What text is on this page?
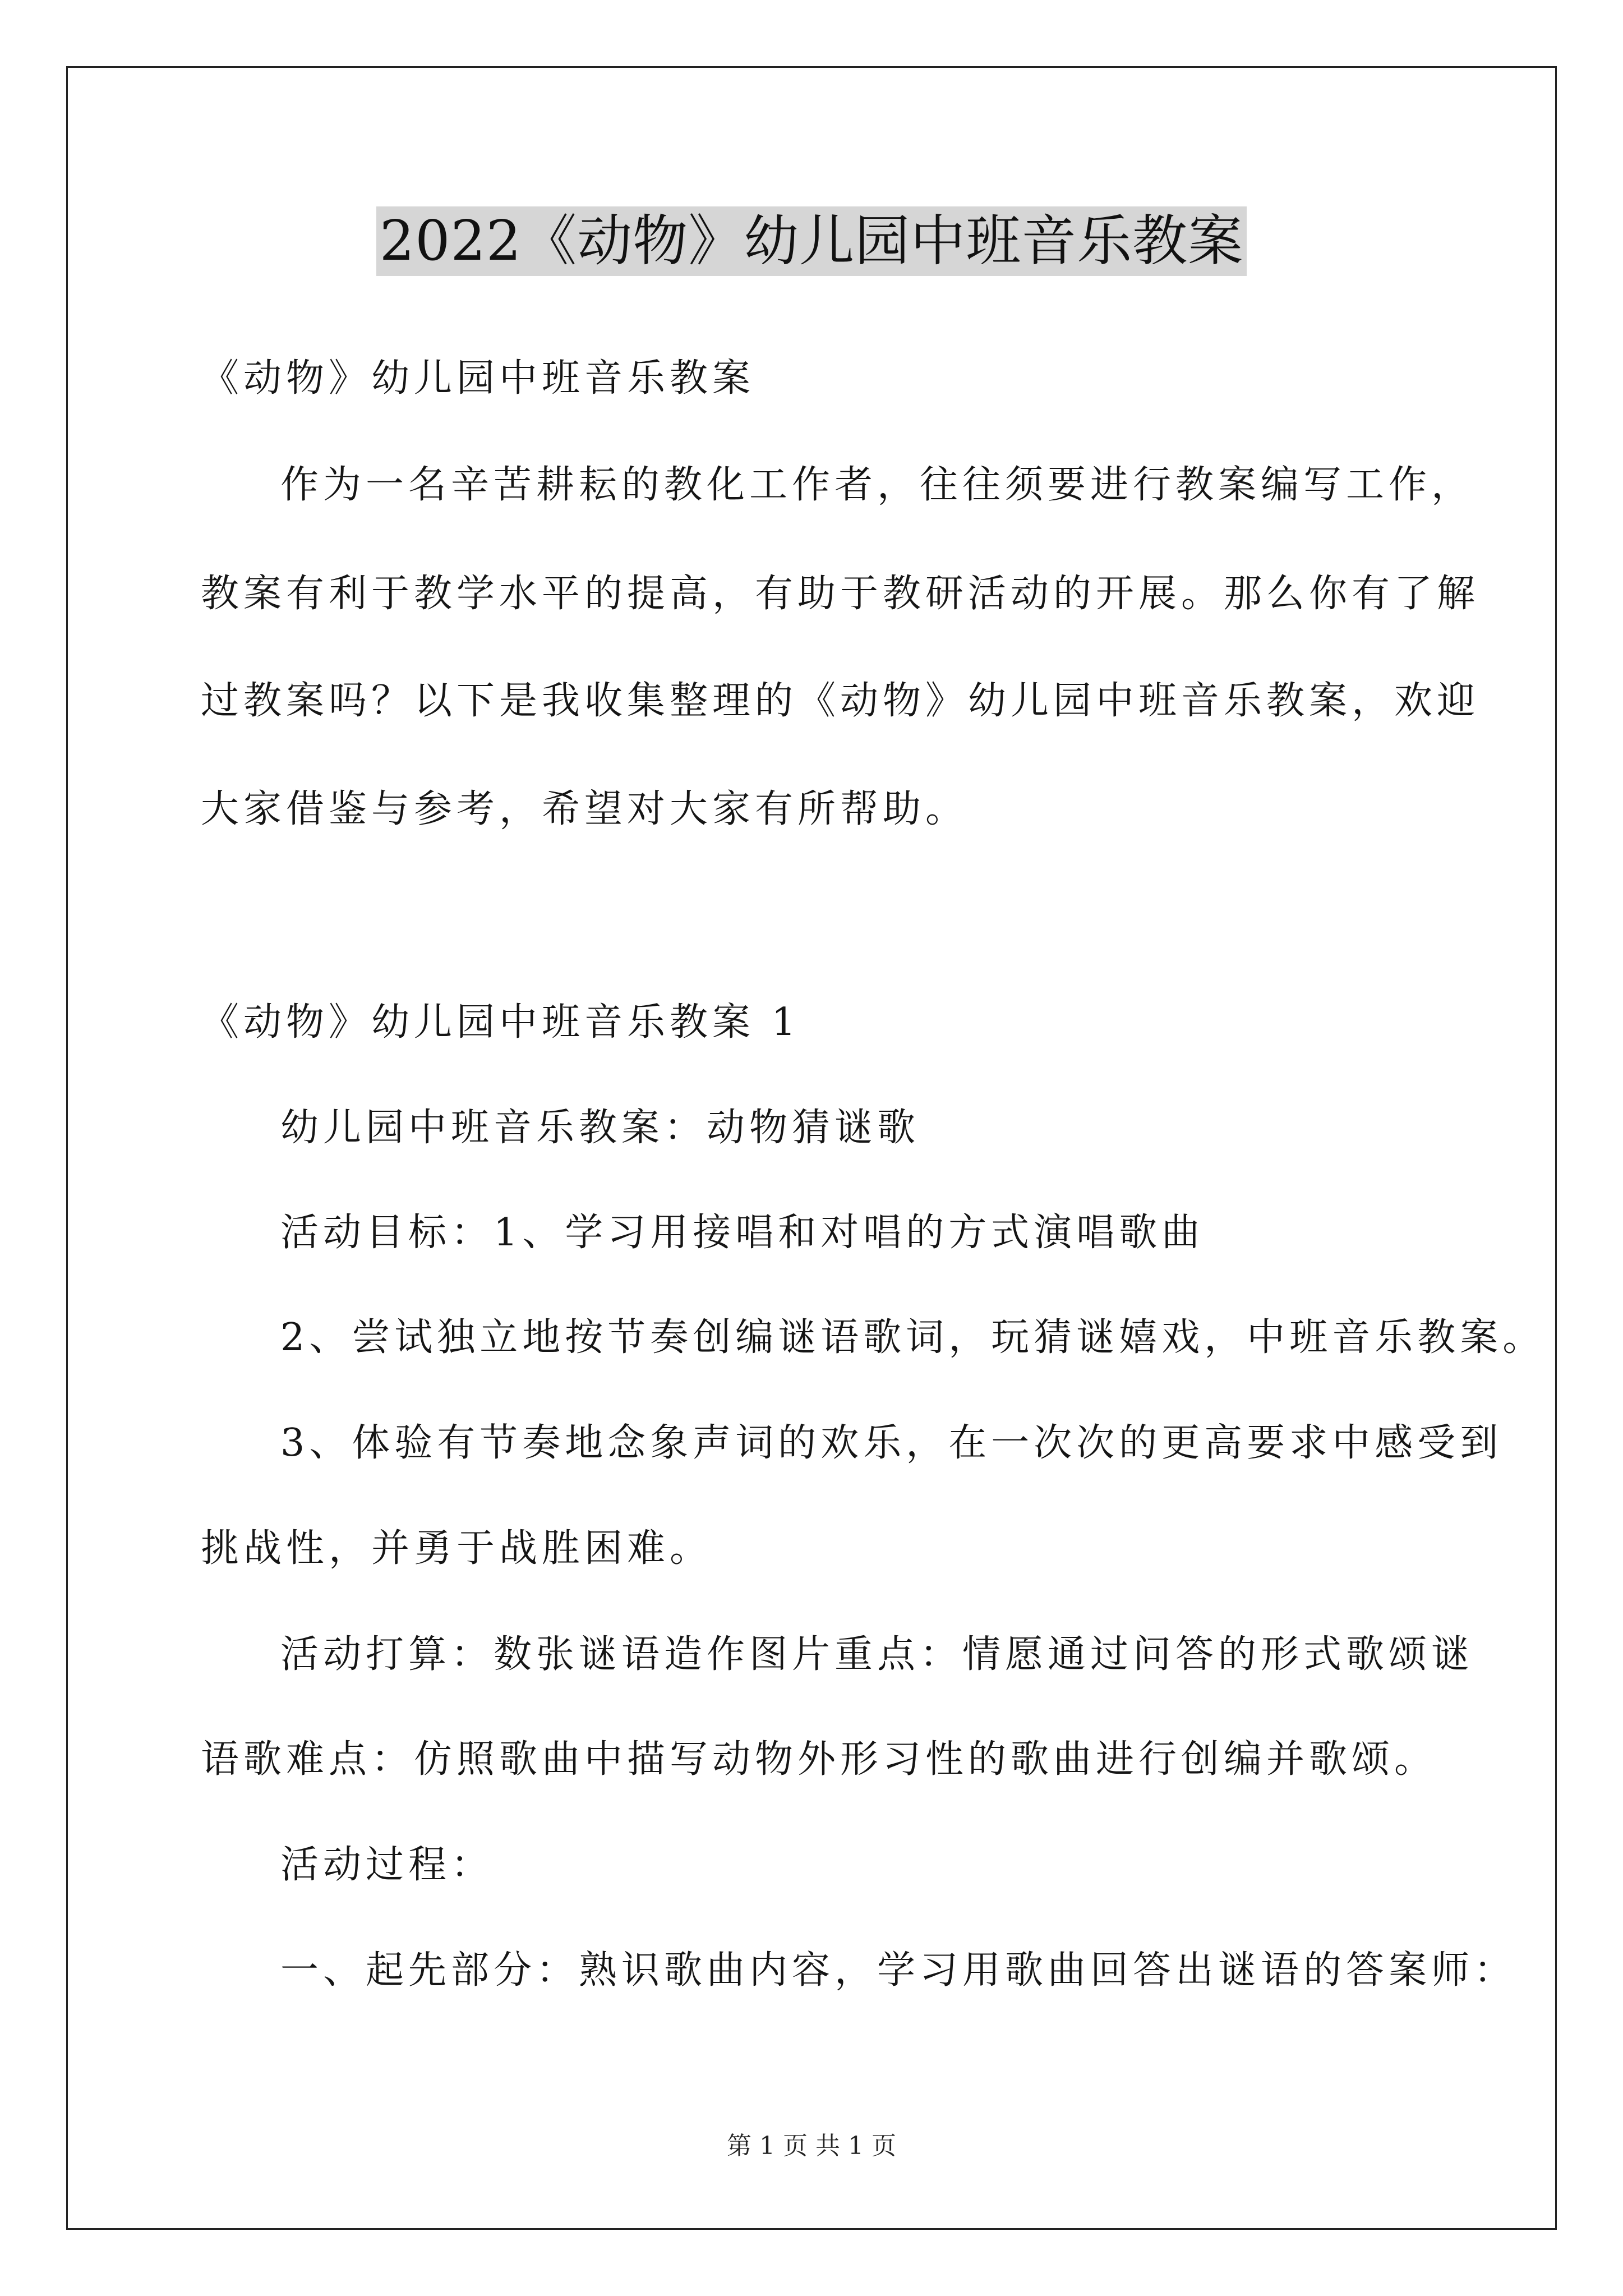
2022《动物》幼儿园中班音乐教案
《动物》幼儿园中班音乐教案
作为一名辛苦耕耘的教化工作者，往往须要进行教案编写工作，
教案有利于教学水平的提高，有助于教研活动的开展。那么你有了解
过教案吗？以下是我收集整理的《动物》幼儿园中班音乐教案，欢迎
大家借鉴与参考，希望对大家有所帮助。
《动物》幼儿园中班音乐教案 1
幼儿园中班音乐教案：动物猜谜歌
活动目标：1、学习用接唱和对唱的方式演唱歌曲
2、尝试独立地按节奏创编谜语歌词，玩猜谜嬉戏，中班音乐教案。
3、体验有节奏地念象声词的欢乐，在一次次的更高要求中感受到
挑战性，并勇于战胜困难。
活动打算：数张谜语造作图片重点：情愿通过问答的形式歌颂谜
语歌难点：仿照歌曲中描写动物外形习性的歌曲进行创编并歌颂。
活动过程：
一、起先部分：熟识歌曲内容，学习用歌曲回答出谜语的答案师：
第 1 页 共 1 页
